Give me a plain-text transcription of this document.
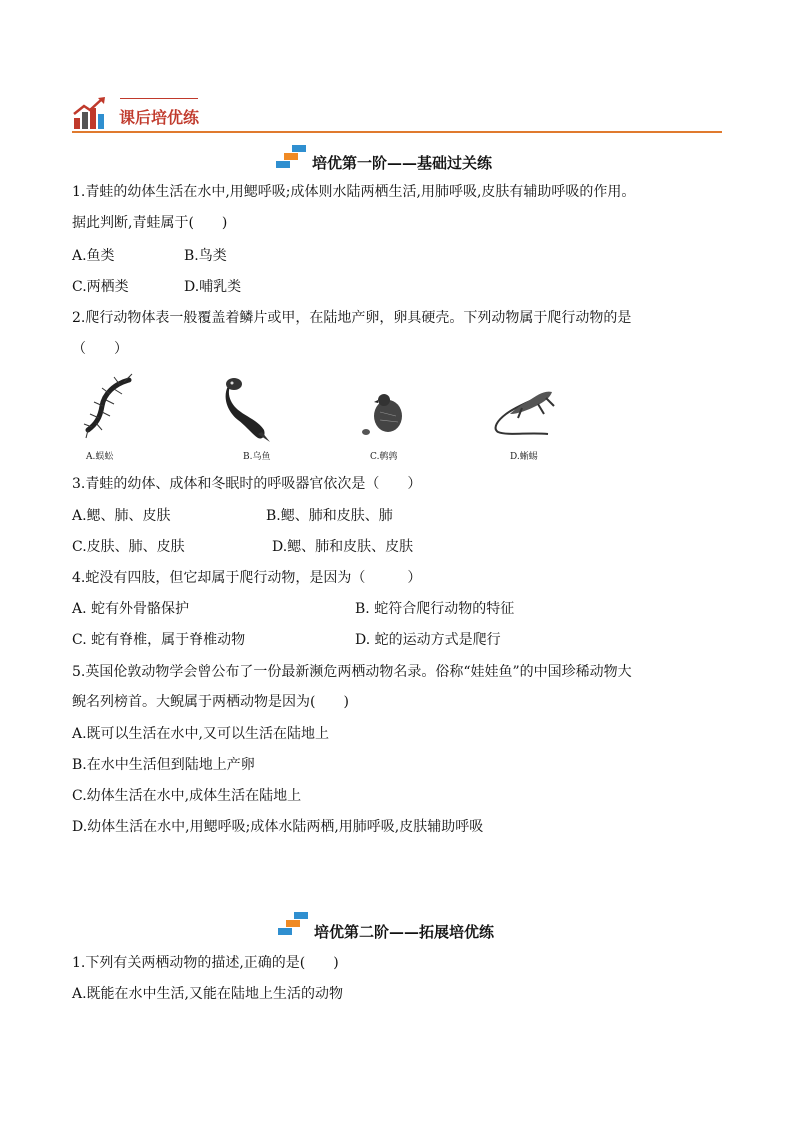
课后培优练
培优第一阶——基础过关练
1.青蛙的幼体生活在水中,用鳃呼吸;成体则水陆两栖生活,用肺呼吸,皮肤有辅助呼吸的作用。
据此判断,青蛙属于(　　)
A.鱼类	B.鸟类
C.两栖类	D.哺乳类
2.爬行动物体表一般覆盖着鳞片或甲，在陆地产卵，卵具硬壳。下列动物属于爬行动物的是
（　　）
A.蜈蚣	B.乌鱼	C.鹌鹑	D.蜥蜴
3.青蛙的幼体、成体和冬眠时的呼吸器官依次是（　　）
A.鳃、肺、皮肤	B.鳃、肺和皮肤、肺
C.皮肤、肺、皮肤	D.鳃、肺和皮肤、皮肤
4.蛇没有四肢，但它却属于爬行动物，是因为（　　　）
A. 蛇有外骨骼保护	B. 蛇符合爬行动物的特征
C. 蛇有脊椎，属于脊椎动物	D. 蛇的运动方式是爬行
5.英国伦敦动物学会曾公布了一份最新濒危两栖动物名录。俗称“娃娃鱼”的中国珍稀动物大
鲵名列榜首。大鲵属于两栖动物是因为(　　)
A.既可以生活在水中,又可以生活在陆地上
B.在水中生活但到陆地上产卵
C.幼体生活在水中,成体生活在陆地上
D.幼体生活在水中,用鳃呼吸;成体水陆两栖,用肺呼吸,皮肤辅助呼吸
培优第二阶——拓展培优练
1.下列有关两栖动物的描述,正确的是(　　)
A.既能在水中生活,又能在陆地上生活的动物
